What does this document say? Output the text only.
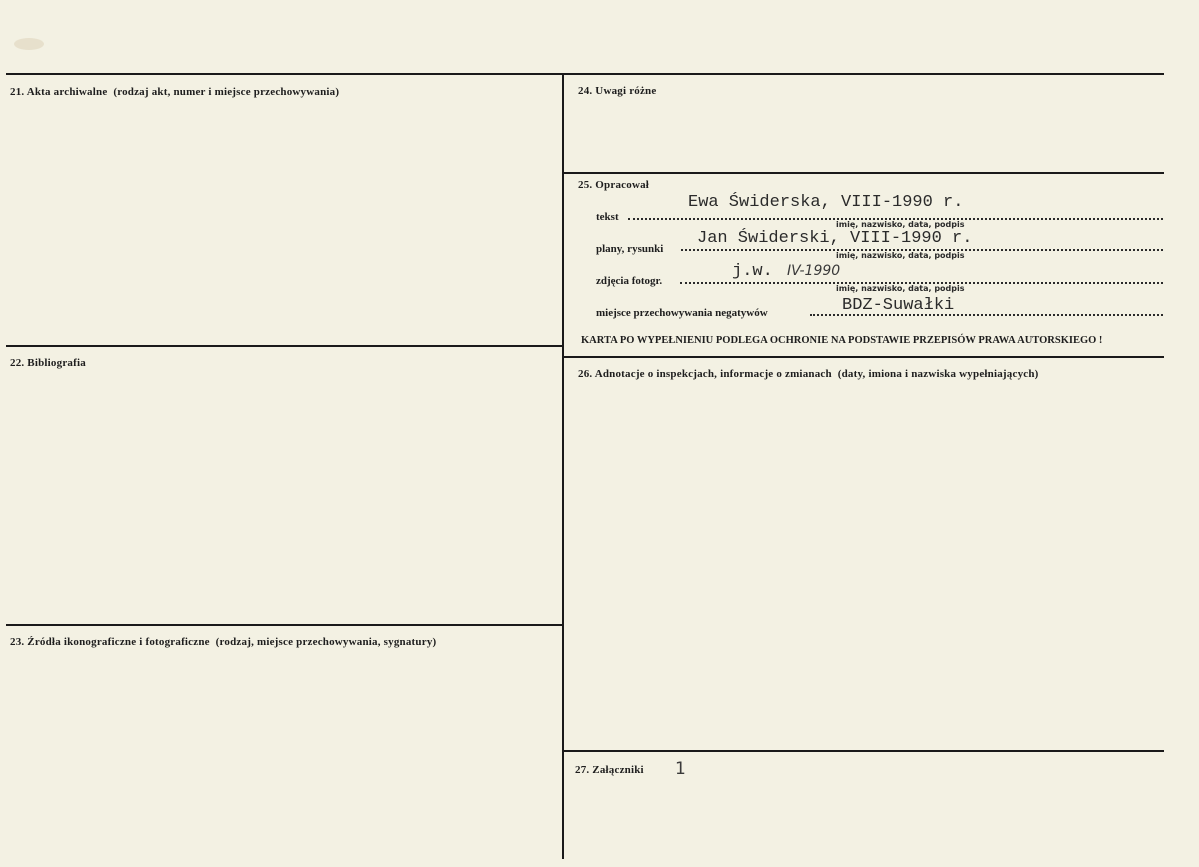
21. Akta archiwalne (rodzaj akt, numer i miejsce przechowywania)
22. Bibliografia
23. Źródła ikonograficzne i fotograficzne (rodzaj, miejsce przechowywania, sygnatury)
24. Uwagi różne
25. Opracował
tekst
Ewa Świderska, VIII-1990 r.
imię, nazwisko, data, podpis
plany, rysunki
Jan Świderski, VIII-1990 r.
imię, nazwisko, data, podpis
zdjęcia fotogr.	j.w. IV-1990
imię, nazwisko, data, podpis
miejsce przechowywania negatywów	BDZ-Suwałki
KARTA PO WYPEŁNIENIU PODLEGA OCHRONIE NA PODSTAWIE PRZEPISÓW PRAWA AUTORSKIEGO !
26. Adnotacje o inspekcjach, informacje o zmianach (daty, imiona i nazwiska wypełniających)
27. Załączniki 1
